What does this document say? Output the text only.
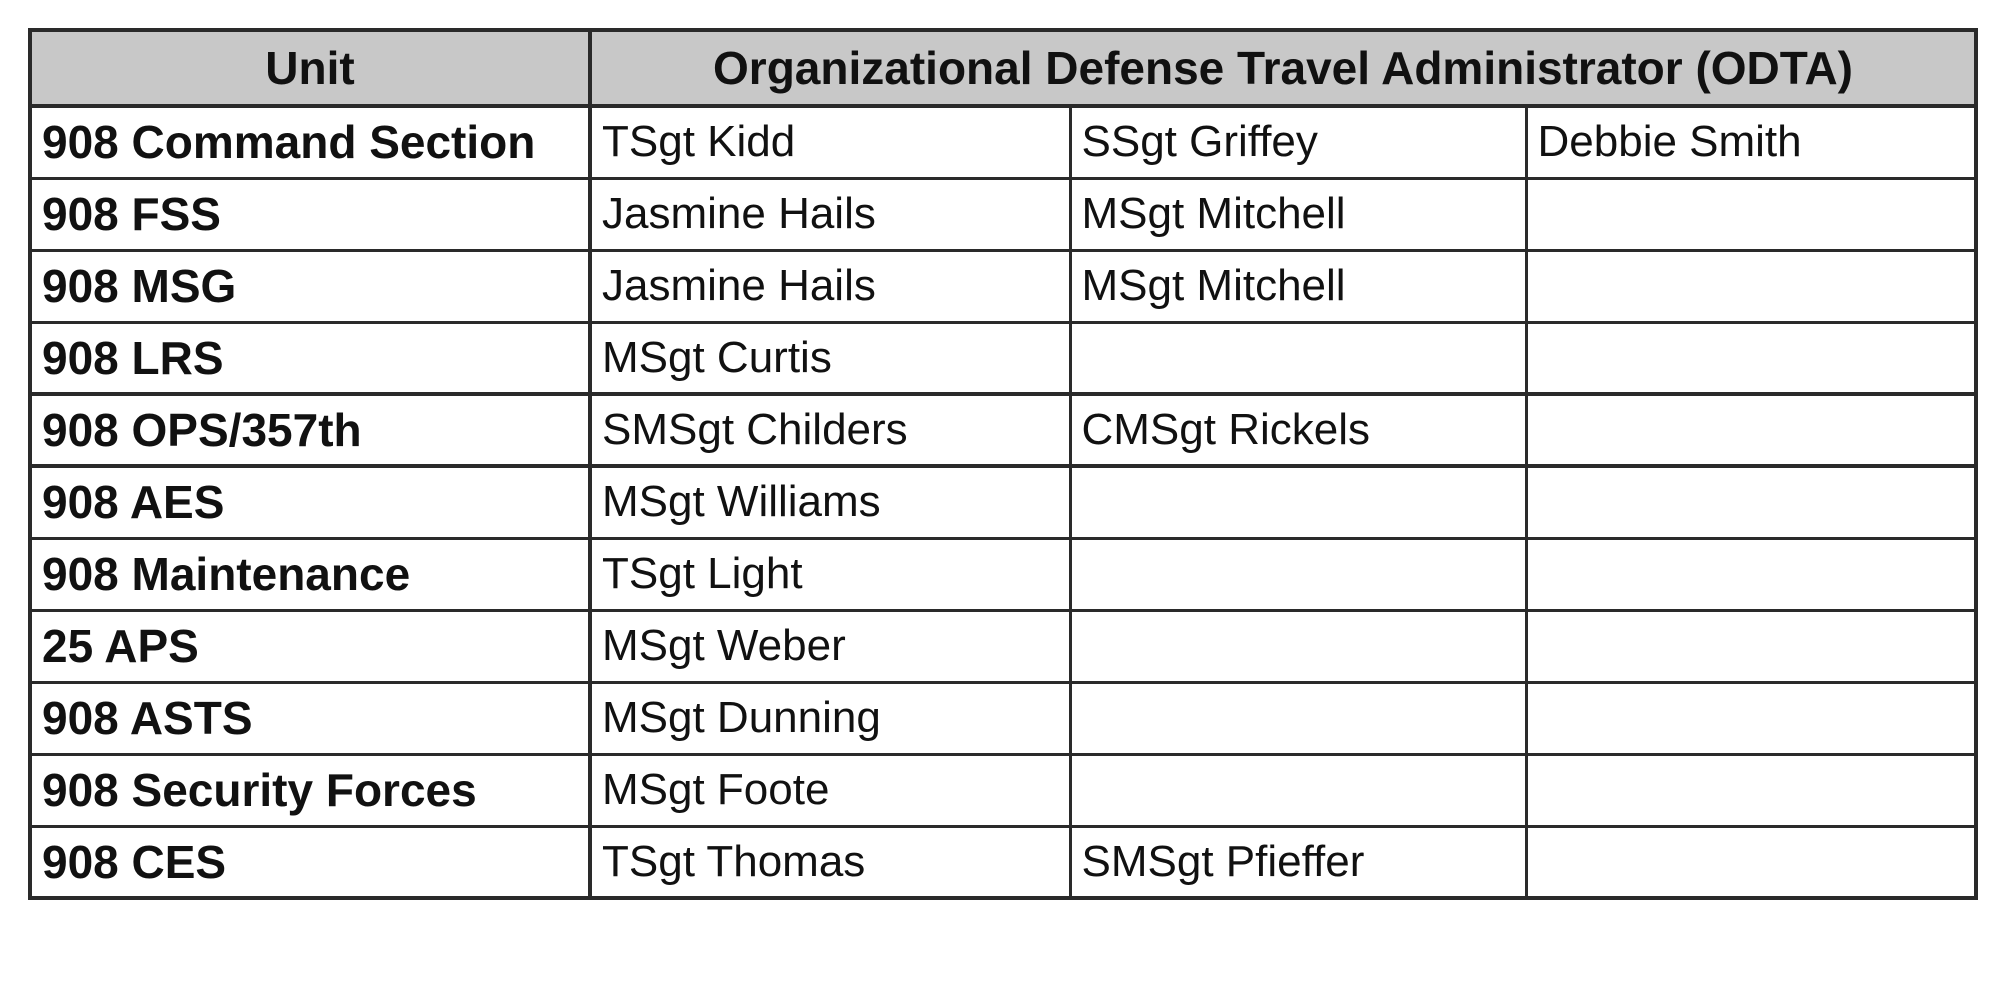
Unit	Organizational Defense Travel Administrator (ODTA)		
908 Command Section	TSgt Kidd	SSgt Griffey	Debbie Smith
908 FSS	Jasmine Hails	MSgt Mitchell	
908 MSG	Jasmine Hails	MSgt Mitchell	
908 LRS	MSgt Curtis		
908 OPS/357th	SMSgt Childers	CMSgt Rickels	
908 AES	MSgt Williams		
908 Maintenance	TSgt Light		
25 APS	MSgt Weber		
908 ASTS	MSgt Dunning		
908 Security Forces	MSgt Foote		
908 CES	TSgt Thomas	SMSgt Pfieffer	
